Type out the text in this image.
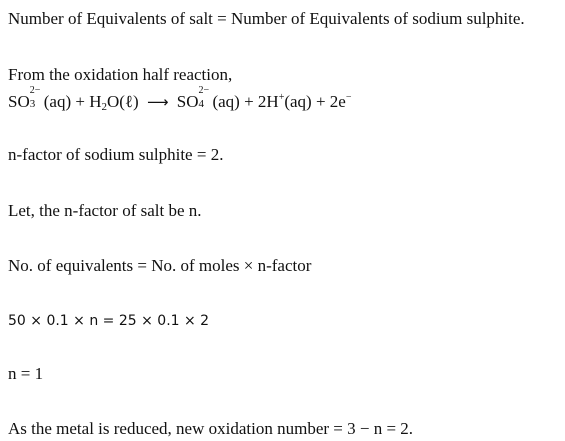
Number of Equivalents of salt = Number of Equivalents of sodium sulphite.
From the oxidation half reaction,
SO
2−
3 $(aq) + H_2O(\ell)$ ⟶ SO
2−
4 (aq) + 2H+(aq) + 2e−
n-factor of sodium sulphite = 2.
Let, the n-factor of salt be n.
No. of equivalents = No. of moles × n-factor
50 × 0.1 × n = 25 × 0.1 × 2
n = 1
As the metal is reduced, new oxidation number = 3 − n = 2.
